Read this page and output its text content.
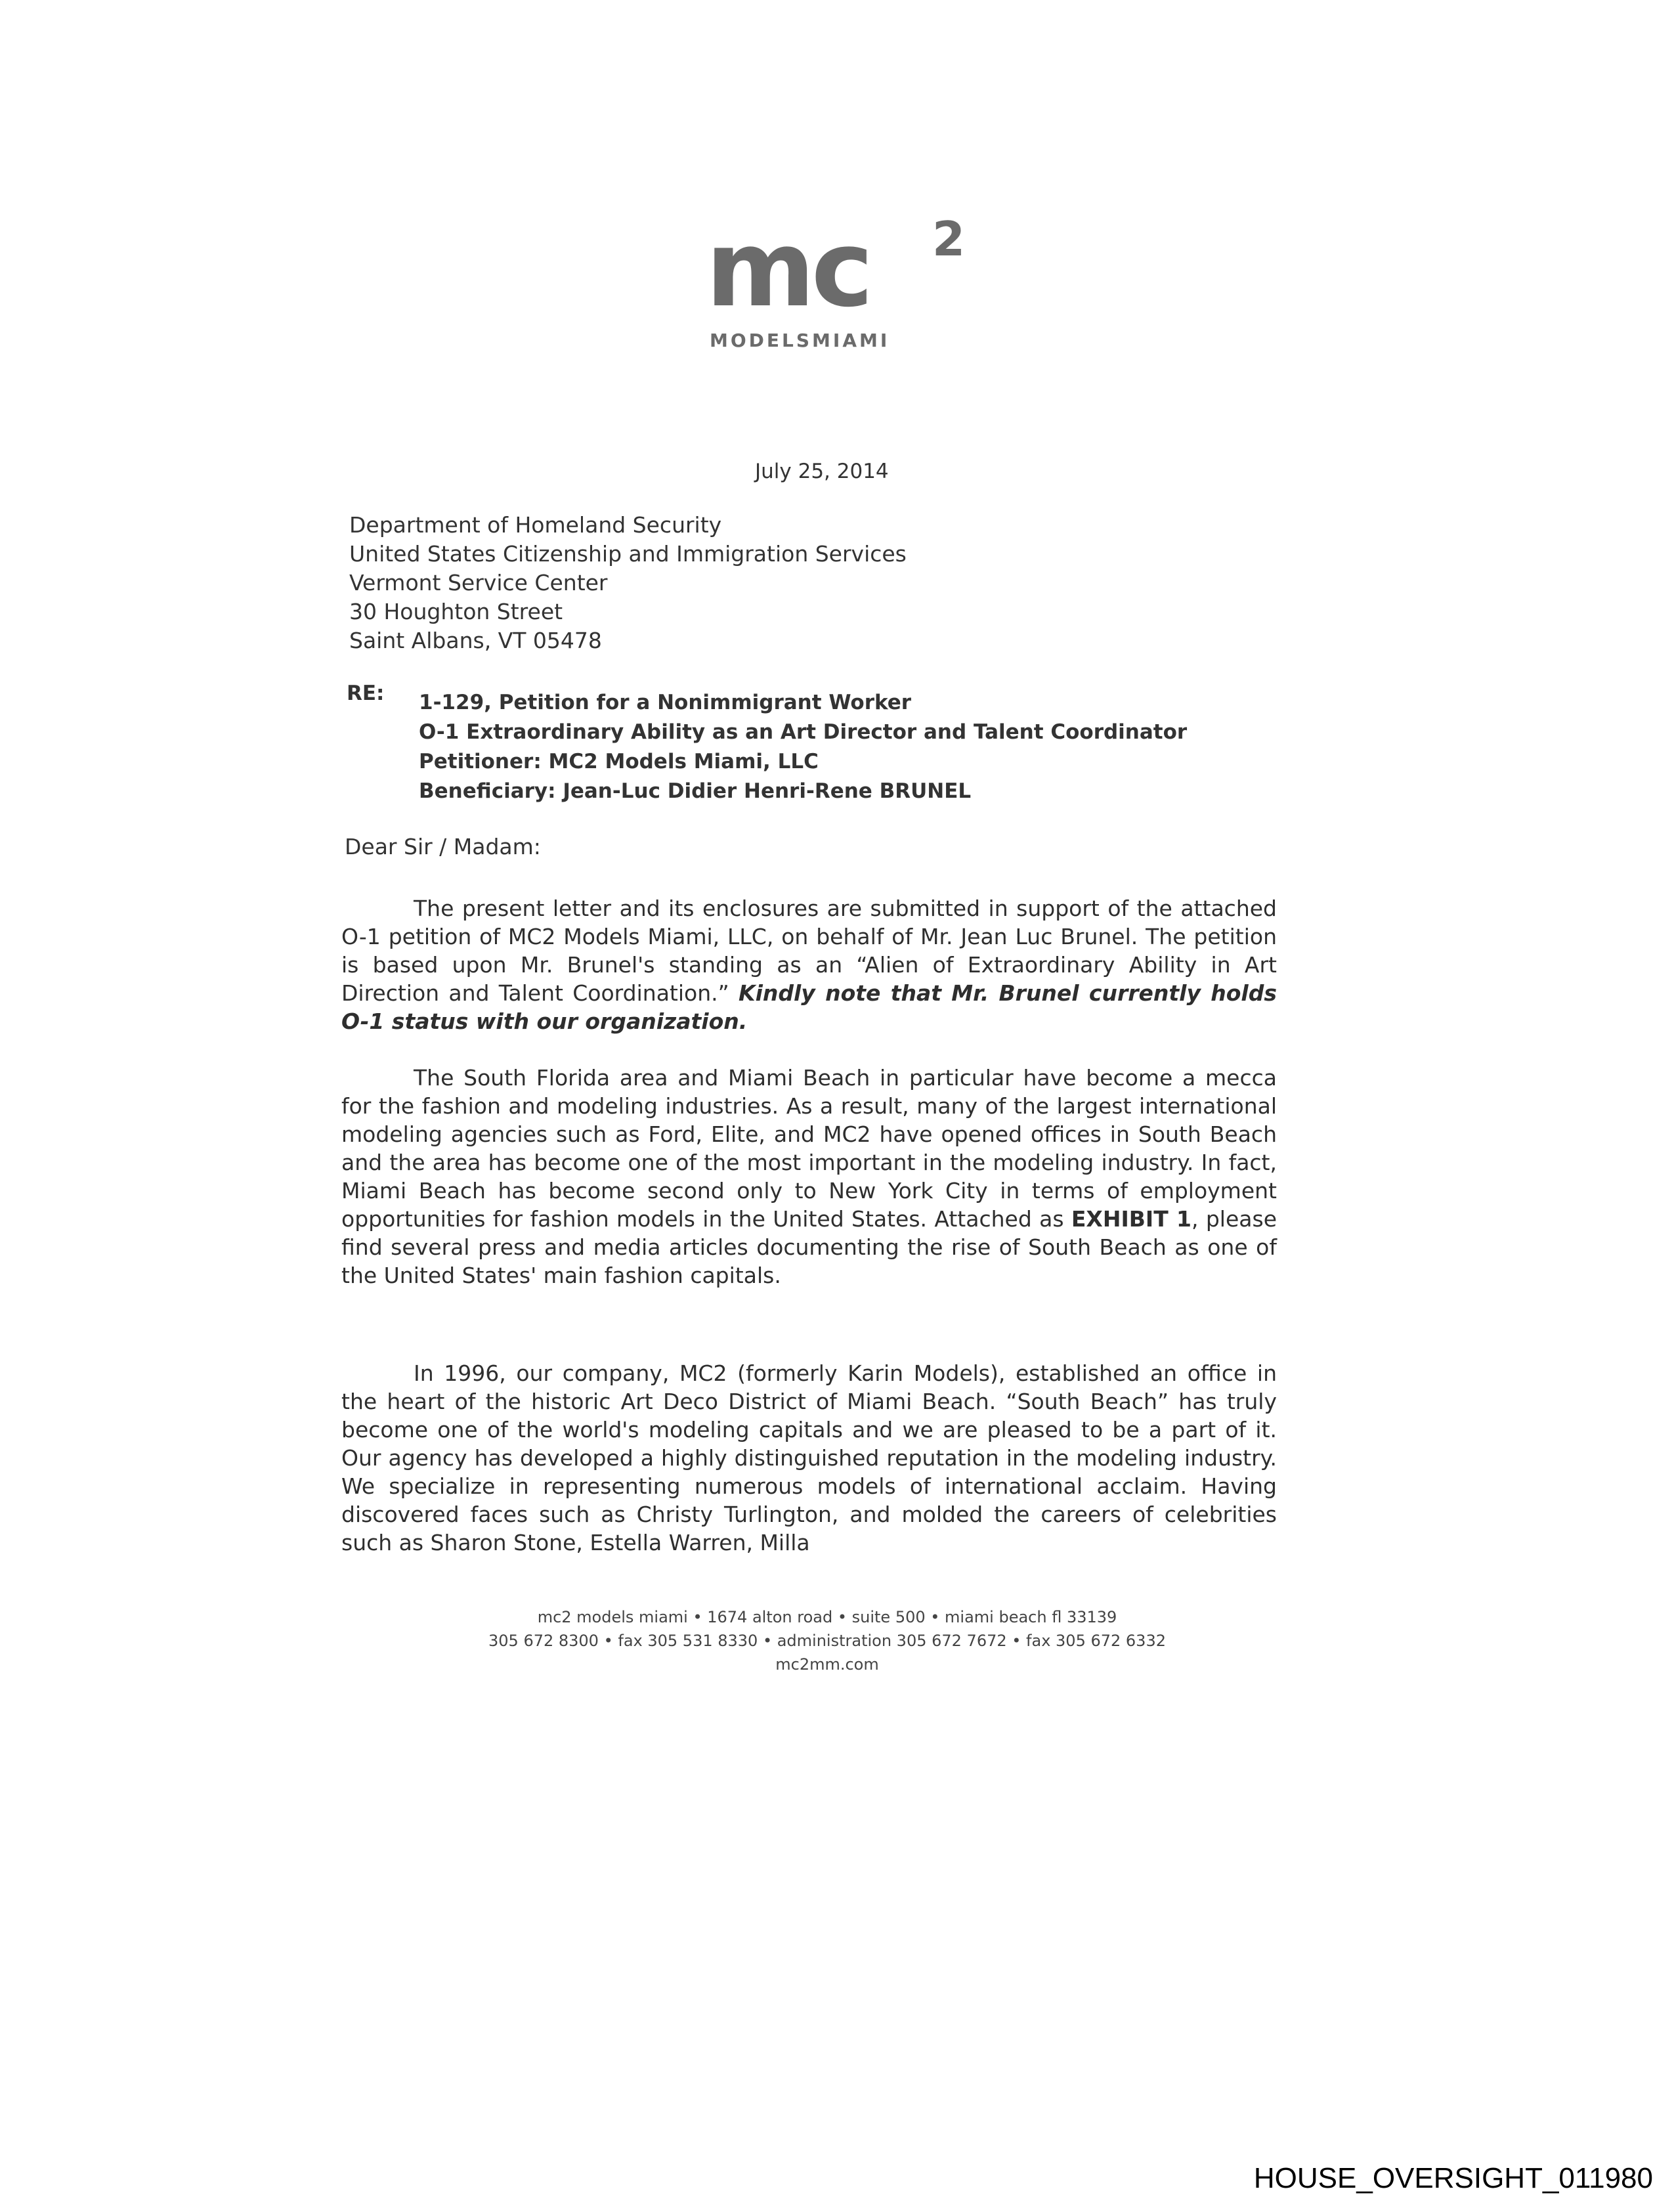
mc 2
MODELSMIAMI
July 25, 2014
Department of Homeland Security
United States Citizenship and Immigration Services
Vermont Service Center
30 Houghton Street
Saint Albans, VT 05478
RE: 1-129, Petition for a Nonimmigrant Worker
O-1 Extraordinary Ability as an Art Director and Talent Coordinator
Petitioner: MC2 Models Miami, LLC
Beneficiary: Jean-Luc Didier Henri-Rene BRUNEL
Dear Sir / Madam:
The present letter and its enclosures are submitted in support of the attached O-1 petition of MC2 Models Miami, LLC, on behalf of Mr. Jean Luc Brunel. The petition is based upon Mr. Brunel's standing as an “Alien of Extraordinary Ability in Art Direction and Talent Coordination.” Kindly note that Mr. Brunel currently holds O-1 status with our organization.
The South Florida area and Miami Beach in particular have become a mecca for the fashion and modeling industries. As a result, many of the largest international modeling agencies such as Ford, Elite, and MC2 have opened offices in South Beach and the area has become one of the most important in the modeling industry. In fact, Miami Beach has become second only to New York City in terms of employment opportunities for fashion models in the United States. Attached as EXHIBIT 1, please find several press and media articles documenting the rise of South Beach as one of the United States' main fashion capitals.
In 1996, our company, MC2 (formerly Karin Models), established an office in the heart of the historic Art Deco District of Miami Beach. “South Beach” has truly become one of the world's modeling capitals and we are pleased to be a part of it. Our agency has developed a highly distinguished reputation in the modeling industry. We specialize in representing numerous models of international acclaim. Having discovered faces such as Christy Turlington, and molded the careers of celebrities such as Sharon Stone, Estella Warren, Milla
mc2 models miami • 1674 alton road • suite 500 • miami beach fl 33139
305 672 8300 • fax 305 531 8330 • administration 305 672 7672 • fax 305 672 6332
mc2mm.com
HOUSE_OVERSIGHT_011980
